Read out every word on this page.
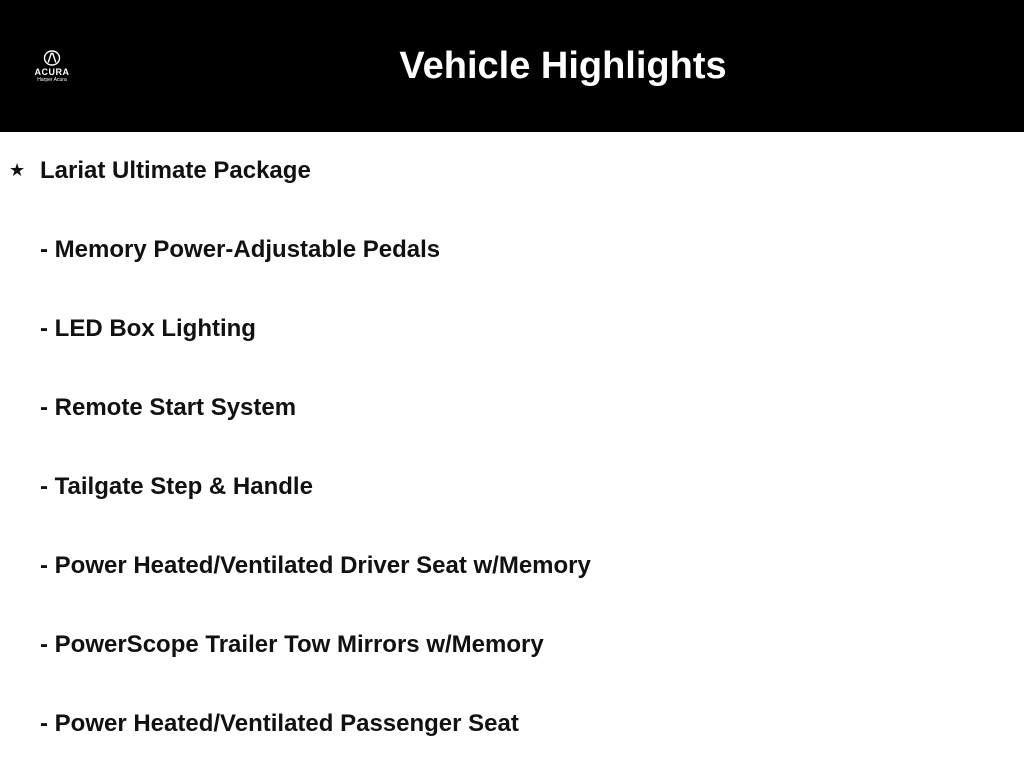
ACURA
Harper Acura	Vehicle Highlights
★ Lariat Ultimate Package
- Memory Power-Adjustable Pedals
- LED Box Lighting
- Remote Start System
- Tailgate Step & Handle
- Power Heated/Ventilated Driver Seat w/Memory
- PowerScope Trailer Tow Mirrors w/Memory
- Power Heated/Ventilated Passenger Seat
